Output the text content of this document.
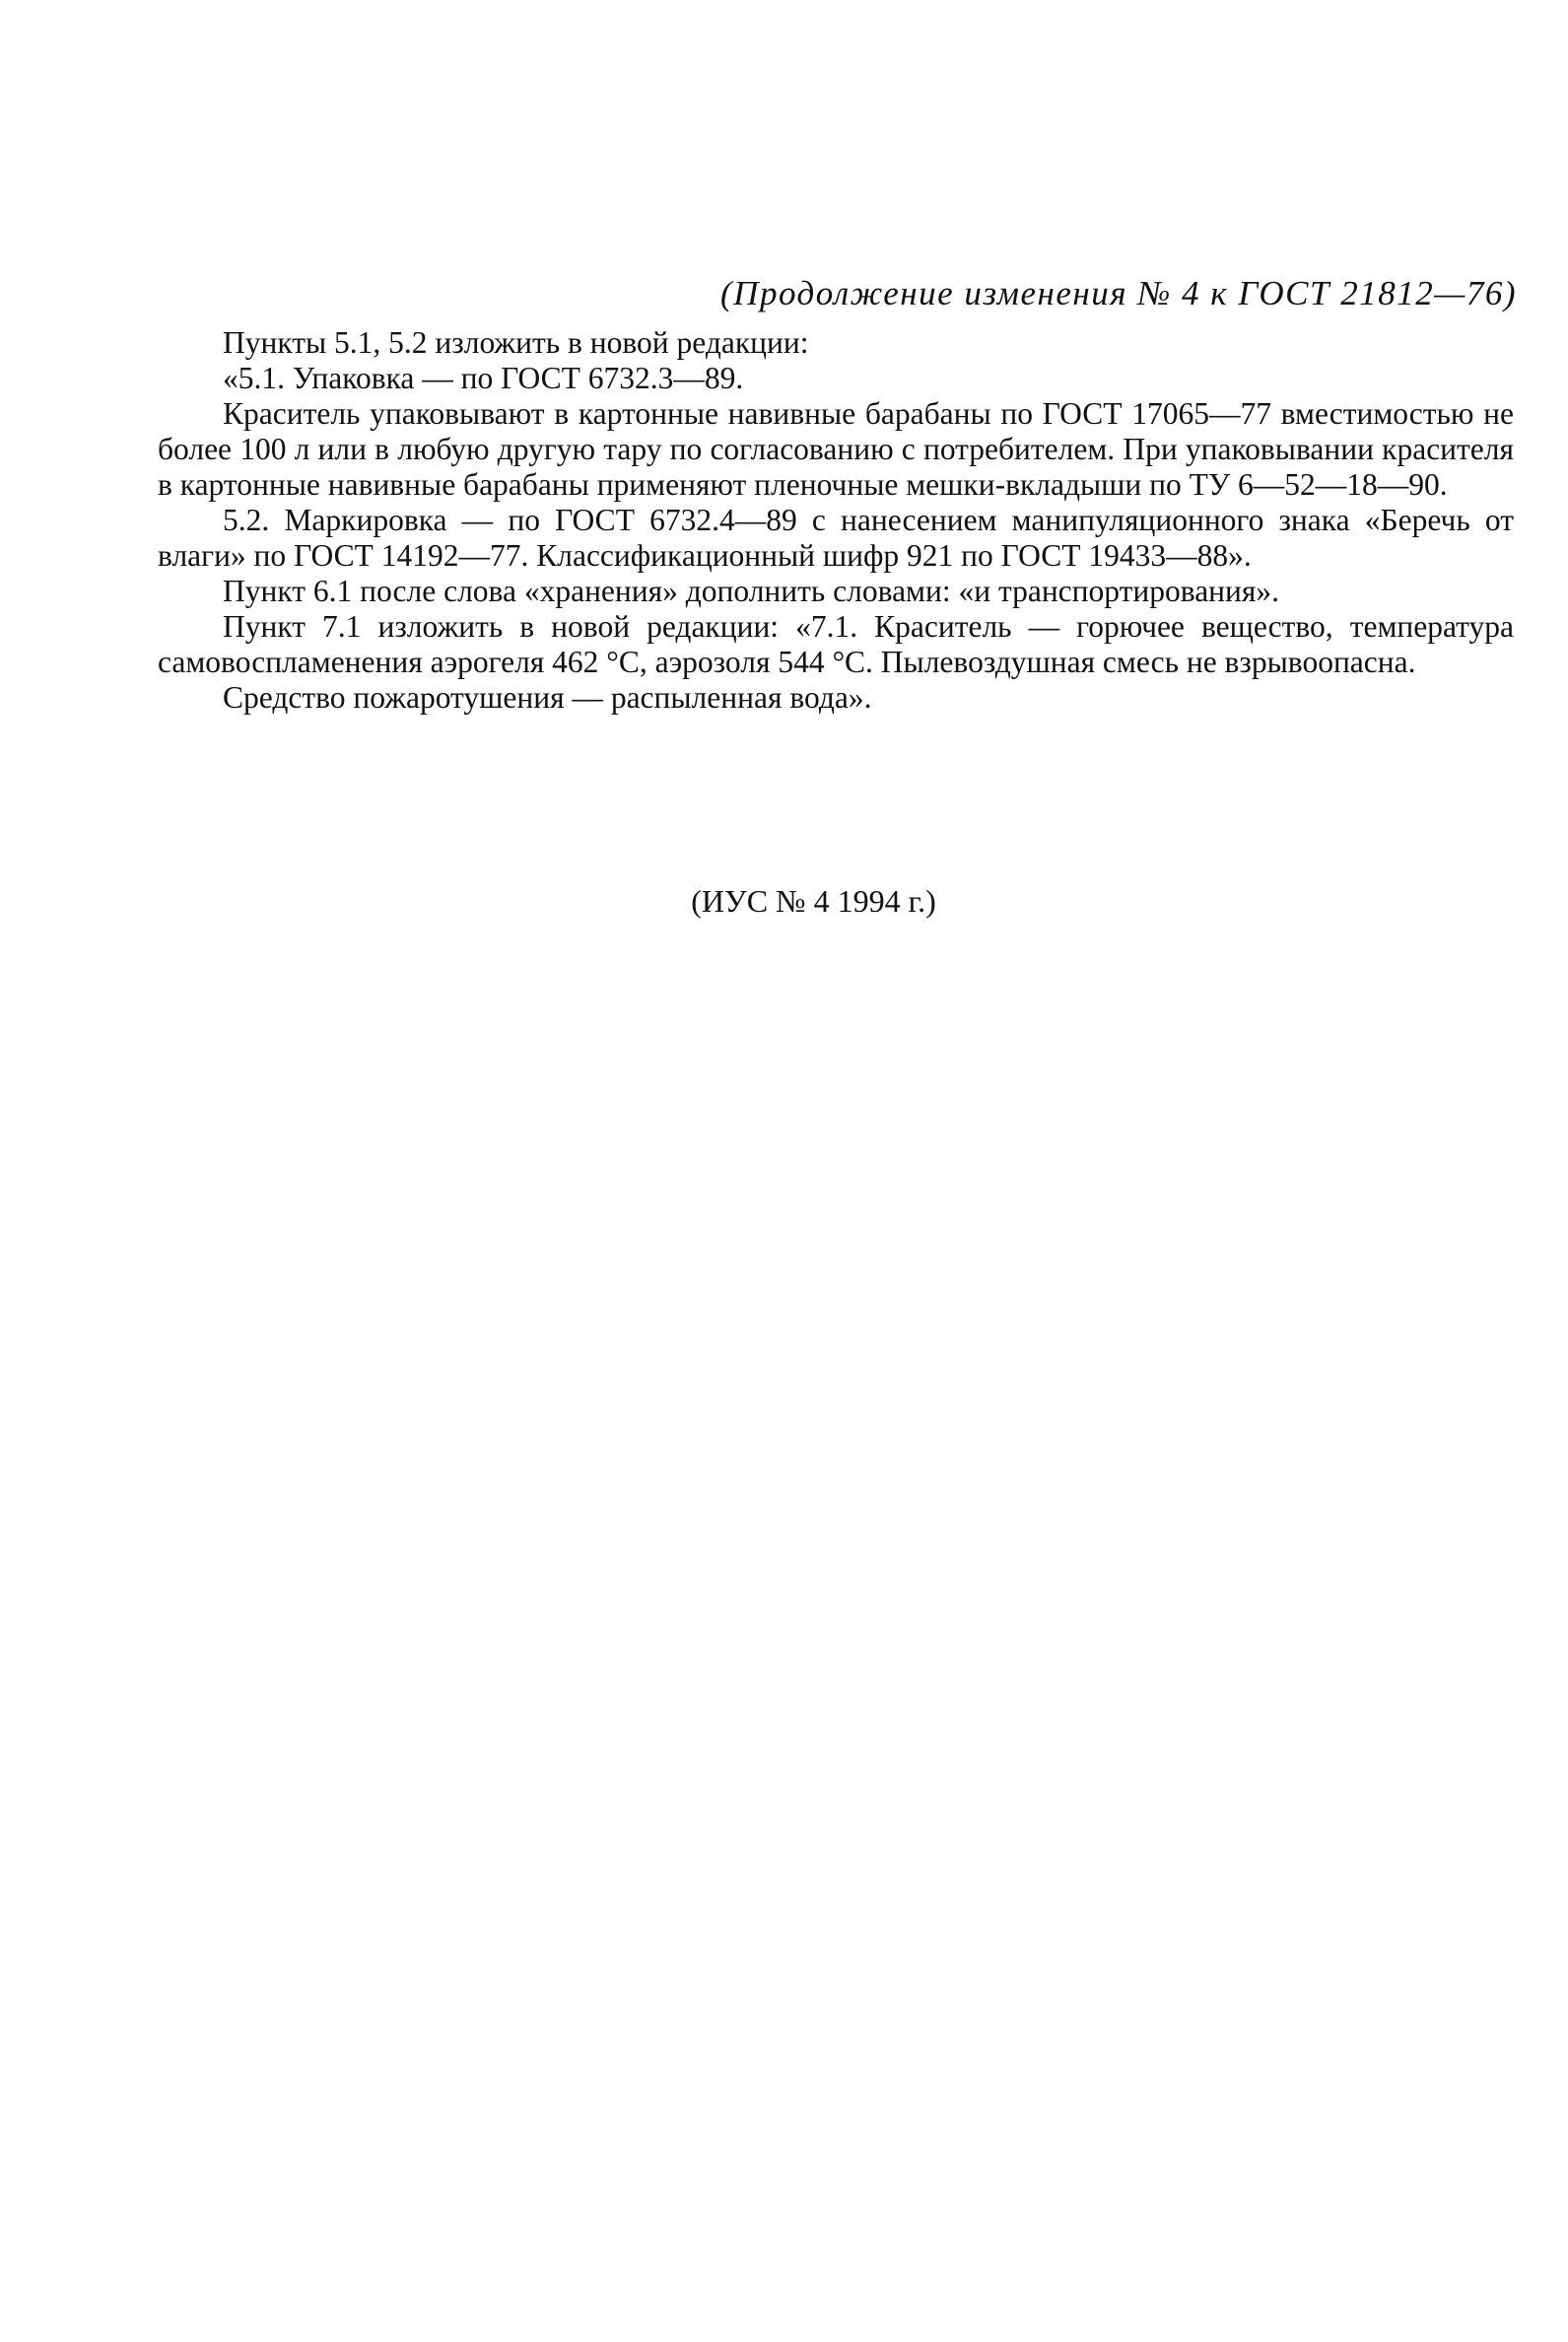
(Продолжение изменения № 4 к ГОСТ 21812—76)

Пункты 5.1, 5.2 изложить в новой редакции:

«5.1. Упаковка — по ГОСТ 6732.3—89.

Краситель упаковывают в картонные навивные барабаны по ГОСТ 17065—77 вместимостью не более 100 л или в любую другую тару по согласованию с потребителем. При упаковывании красителя в картонные навивные барабаны применяют пленочные мешки-вкладыши по ТУ 6—52—18—90.

5.2. Маркировка — по ГОСТ 6732.4—89 с нанесением манипуляционного знака «Беречь от влаги» по ГОСТ 14192—77. Классификационный шифр 921 по ГОСТ 19433—88».

Пункт 6.1 после слова «хранения» дополнить словами: «и транспортирования».

Пункт 7.1 изложить в новой редакции: «7.1. Краситель — горючее вещество, температура самовоспламенения аэрогеля 462 °С, аэрозоля 544 °С. Пылевоздушная смесь не взрывоопасна.

Средство пожаротушения — распыленная вода».

(ИУС № 4 1994 г.)
